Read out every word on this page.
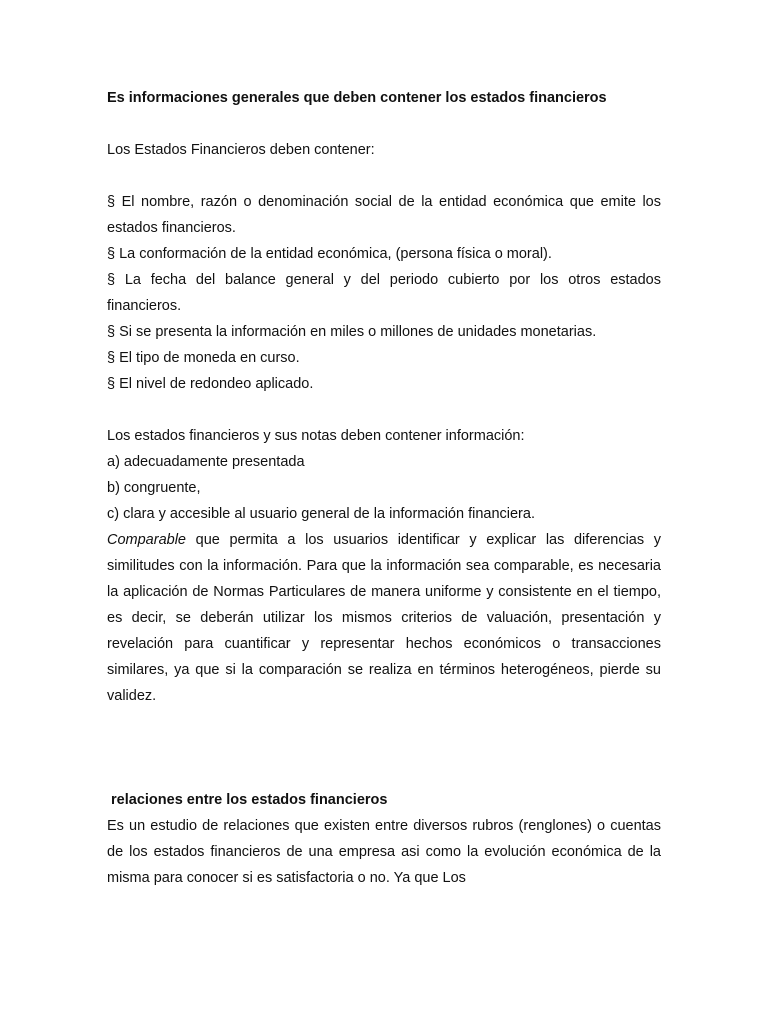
Es informaciones generales que deben contener los estados financieros

Los Estados Financieros deben contener:

§ El nombre, razón o denominación social de la entidad económica que emite los estados financieros.

§ La conformación de la entidad económica, (persona física o moral).

§ La fecha del balance general y del periodo cubierto por los otros estados financieros.

§ Si se presenta la información en miles o millones de unidades monetarias.

§ El tipo de moneda en curso.

§ El nivel de redondeo aplicado.

Los estados financieros y sus notas deben contener información:

a) adecuadamente presentada

b) congruente,

c) clara y accesible al usuario general de la información financiera.

Comparable que permita a los usuarios identificar y explicar las diferencias y similitudes con la información. Para que la información sea comparable, es necesaria la aplicación de Normas Particulares de manera uniforme y consistente en el tiempo, es decir, se deberán utilizar los mismos criterios de valuación, presentación y revelación para cuantificar y representar hechos económicos o transacciones similares, ya que si la comparación se realiza en términos heterogéneos, pierde su validez.

relaciones entre los estados financieros

Es un estudio de relaciones que existen entre diversos rubros (renglones) o cuentas de los estados financieros de una empresa asi como la evolución económica de la misma para conocer si es satisfactoria o no. Ya que Los
